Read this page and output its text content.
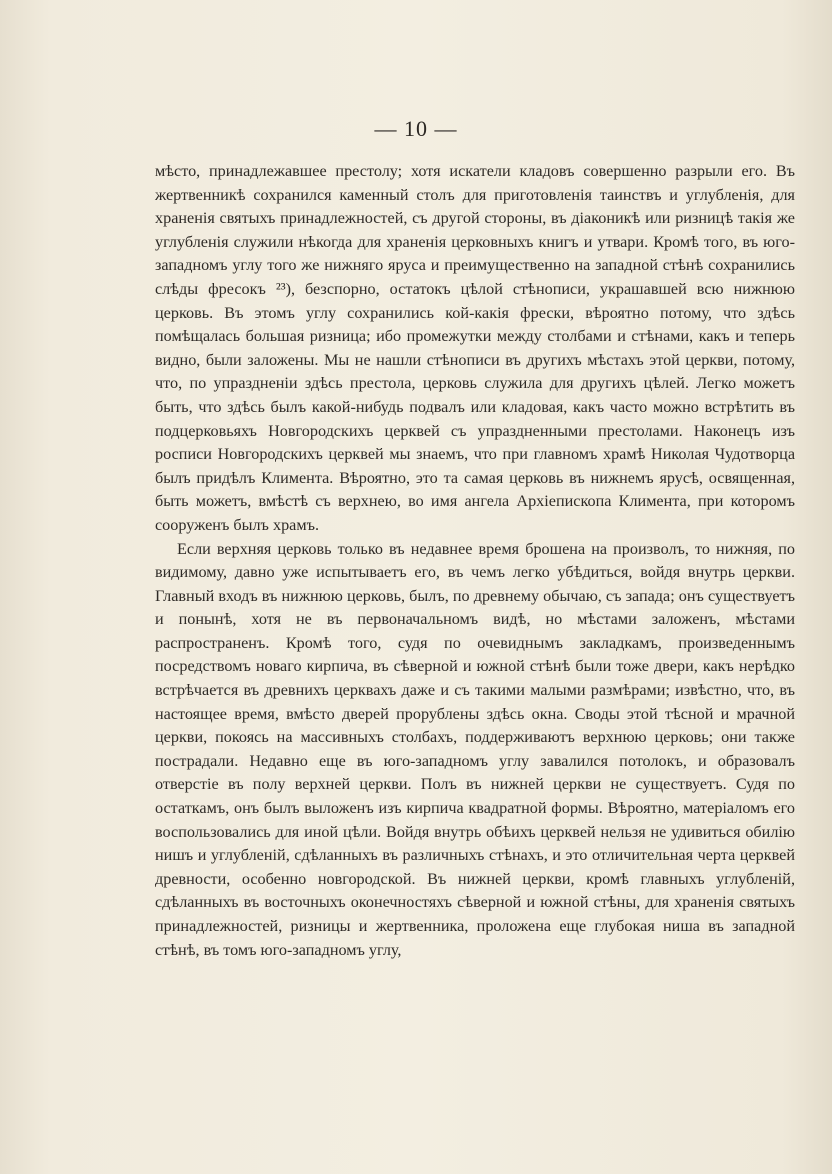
— 10 —

мѣсто, принадлежавшее престолу; хотя искатели кладовъ совершенно разрыли его. Въ жертвенникѣ сохранился каменный столъ для приготовленія таинствъ и углубленія, для храненія святыхъ принадлежностей, съ другой стороны, въ діаконикѣ или ризницѣ такія же углубленія служили нѣкогда для храненія церковныхъ книгъ и утвари. Кромѣ того, въ юго-западномъ углу того же нижняго яруса и преимущественно на западной стѣнѣ сохранились слѣды фресокъ ²³), безспорно, остатокъ цѣлой стѣнописи, украшавшей всю нижнюю церковь. Въ этомъ углу сохранились кой-какія фрески, вѣроятно потому, что здѣсь помѣщалась большая ризница; ибо промежутки между столбами и стѣнами, какъ и теперь видно, были заложены. Мы не нашли стѣнописи въ другихъ мѣстахъ этой церкви, потому, что, по упраздненіи здѣсь престола, церковь служила для другихъ цѣлей. Легко можетъ быть, что здѣсь былъ какой-нибудь подвалъ или кладовая, какъ часто можно встрѣтить въ подцерковьяхъ Новгородскихъ церквей съ упраздненными престолами. Наконецъ изъ росписи Новгородскихъ церквей мы знаемъ, что при главномъ храмѣ Николая Чудотворца былъ придѣлъ Климента. Вѣроятно, это та самая церковь въ нижнемъ ярусѣ, освященная, быть можетъ, вмѣстѣ съ верхнею, во имя ангела Архіепископа Климента, при которомъ сооруженъ былъ храмъ.

Если верхняя церковь только въ недавнее время брошена на произволъ, то нижняя, по видимому, давно уже испытываетъ его, въ чемъ легко убѣдиться, войдя внутрь церкви. Главный входъ въ нижнюю церковь, былъ, по древнему обычаю, съ запада; онъ существуетъ и понынѣ, хотя не въ первоначальномъ видѣ, но мѣстами заложенъ, мѣстами распространенъ. Кромѣ того, судя по очевиднымъ закладкамъ, произведеннымъ посредствомъ новаго кирпича, въ сѣверной и южной стѣнѣ были тоже двери, какъ нерѣдко встрѣчается въ древнихъ церквахъ даже и съ такими малыми размѣрами; извѣстно, что, въ настоящее время, вмѣсто дверей прорублены здѣсь окна. Своды этой тѣсной и мрачной церкви, покоясь на массивныхъ столбахъ, поддерживаютъ верхнюю церковь; они также пострадали. Недавно еще въ юго-западномъ углу завалился потолокъ, и образовалъ отверстіе въ полу верхней церкви. Полъ въ нижней церкви не существуетъ. Судя по остаткамъ, онъ былъ выложенъ изъ кирпича квадратной формы. Вѣроятно, матеріаломъ его воспользовались для иной цѣли. Войдя внутрь обѣихъ церквей нельзя не удивиться обилію нишъ и углубленій, сдѣланныхъ въ различныхъ стѣнахъ, и это отличительная черта церквей древности, особенно новгородской. Въ нижней церкви, кромѣ главныхъ углубленій, сдѣланныхъ въ восточныхъ оконечностяхъ сѣверной и южной стѣны, для храненія святыхъ принадлежностей, ризницы и жертвенника, проложена еще глубокая ниша въ западной стѣнѣ, въ томъ юго-западномъ углу,
